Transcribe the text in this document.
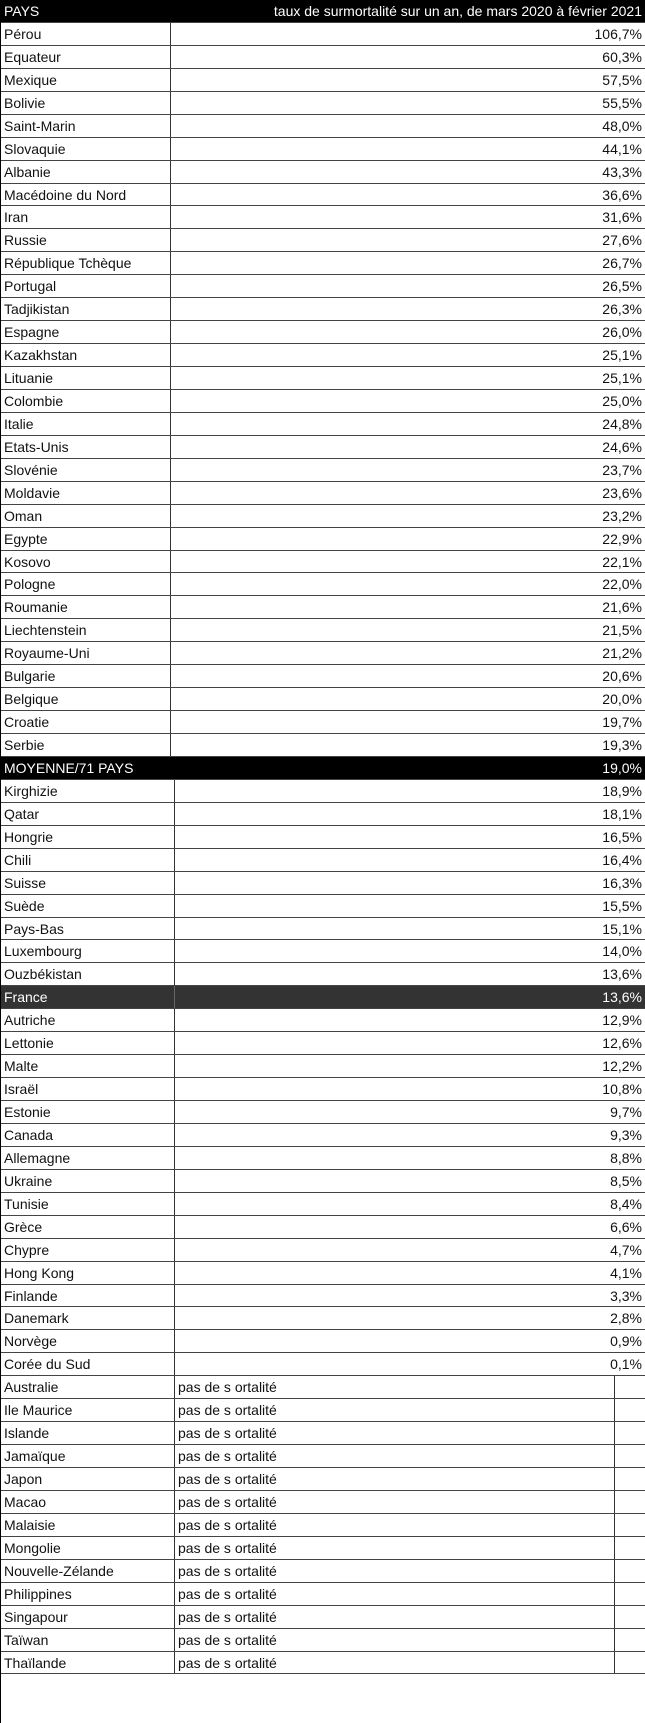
PAYS	taux de surmortalité sur un an, de mars 2020 à février 2021
Pérou	106,7%
Equateur	60,3%
Mexique	57,5%
Bolivie	55,5%
Saint-Marin	48,0%
Slovaquie	44,1%
Albanie	43,3%
Macédoine du Nord	36,6%
Iran	31,6%
Russie	27,6%
République Tchèque	26,7%
Portugal	26,5%
Tadjikistan	26,3%
Espagne	26,0%
Kazakhstan	25,1%
Lituanie	25,1%
Colombie	25,0%
Italie	24,8%
Etats-Unis	24,6%
Slovénie	23,7%
Moldavie	23,6%
Oman	23,2%
Egypte	22,9%
Kosovo	22,1%
Pologne	22,0%
Roumanie	21,6%
Liechtenstein	21,5%
Royaume-Uni	21,2%
Bulgarie	20,6%
Belgique	20,0%
Croatie	19,7%
Serbie	19,3%
MOYENNE/71 PAYS	19,0%
Kirghizie	18,9%
Qatar	18,1%
Hongrie	16,5%
Chili	16,4%
Suisse	16,3%
Suède	15,5%
Pays-Bas	15,1%
Luxembourg	14,0%
Ouzbékistan	13,6%
France	13,6%
Autriche	12,9%
Lettonie	12,6%
Malte	12,2%
Israël	10,8%
Estonie	9,7%
Canada	9,3%
Allemagne	8,8%
Ukraine	8,5%
Tunisie	8,4%
Grèce	6,6%
Chypre	4,7%
Hong Kong	4,1%
Finlande	3,3%
Danemark	2,8%
Norvège	0,9%
Corée du Sud	0,1%
Australie	pas de s ortalité
Ile Maurice	pas de s ortalité
Islande	pas de s ortalité
Jamaïque	pas de s ortalité
Japon	pas de s ortalité
Macao	pas de s ortalité
Malaisie	pas de s ortalité
Mongolie	pas de s ortalité
Nouvelle-Zélande	pas de s ortalité
Philippines	pas de s ortalité
Singapour	pas de s ortalité
Taïwan	pas de s ortalité
Thaïlande	pas de s ortalité
